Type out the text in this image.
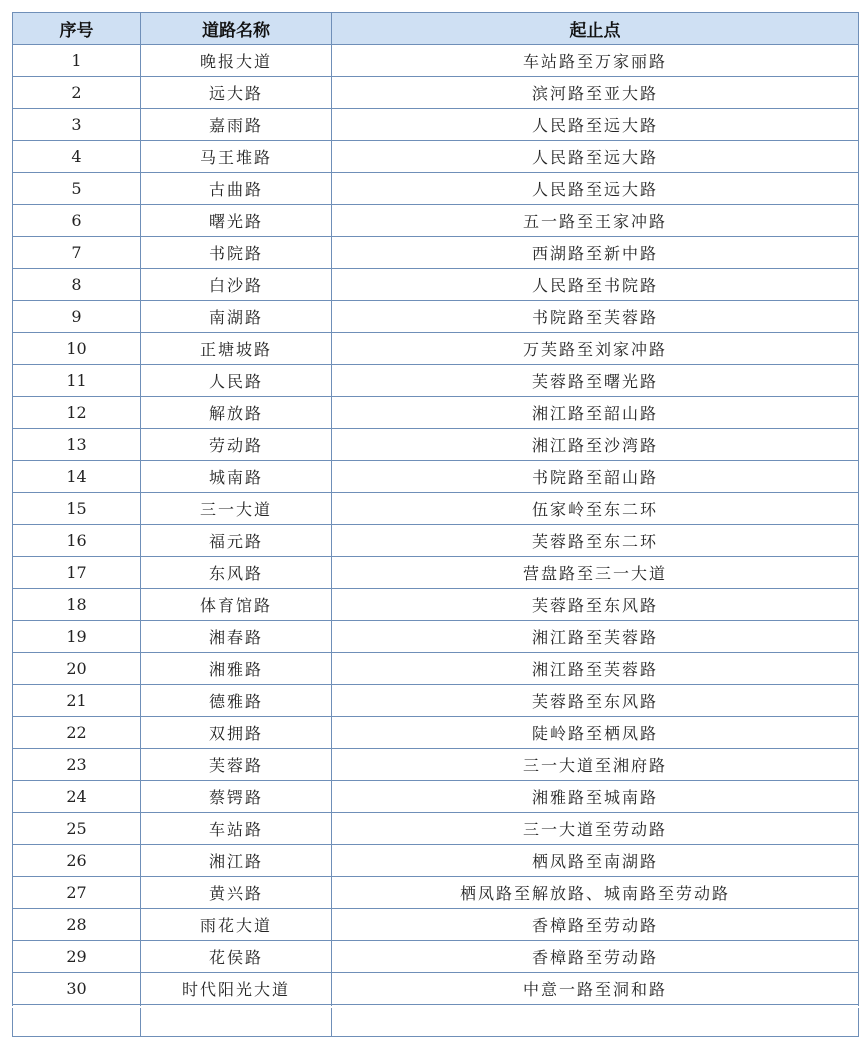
序号	道路名称	起止点
1	晚报大道	车站路至万家丽路
2	远大路	滨河路至亚大路
3	嘉雨路	人民路至远大路
4	马王堆路	人民路至远大路
5	古曲路	人民路至远大路
6	曙光路	五一路至王家冲路
7	书院路	西湖路至新中路
8	白沙路	人民路至书院路
9	南湖路	书院路至芙蓉路
10	正塘坡路	万芙路至刘家冲路
11	人民路	芙蓉路至曙光路
12	解放路	湘江路至韶山路
13	劳动路	湘江路至沙湾路
14	城南路	书院路至韶山路
15	三一大道	伍家岭至东二环
16	福元路	芙蓉路至东二环
17	东风路	营盘路至三一大道
18	体育馆路	芙蓉路至东风路
19	湘春路	湘江路至芙蓉路
20	湘雅路	湘江路至芙蓉路
21	德雅路	芙蓉路至东风路
22	双拥路	陡岭路至栖凤路
23	芙蓉路	三一大道至湘府路
24	蔡锷路	湘雅路至城南路
25	车站路	三一大道至劳动路
26	湘江路	栖凤路至南湖路
27	黄兴路	栖凤路至解放路、城南路至劳动路
28	雨花大道	香樟路至劳动路
29	花侯路	香樟路至劳动路
30	时代阳光大道	中意一路至洞和路
